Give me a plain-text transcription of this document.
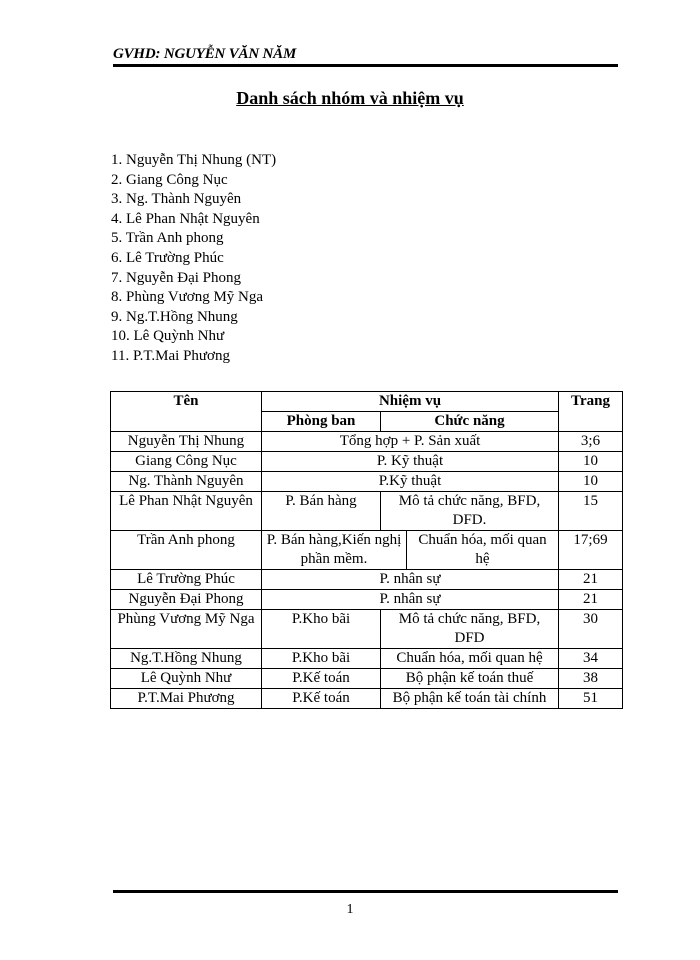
GVHD: NGUYỄN VĂN NĂM
Danh sách nhóm và nhiệm vụ
1. Nguyễn Thị Nhung (NT)
2. Giang Công Nục
3. Ng. Thành Nguyên
4. Lê Phan Nhật Nguyên
5. Trần Anh phong
6. Lê Trường Phúc
7. Nguyễn Đại Phong
8. Phùng Vương Mỹ Nga
9. Ng.T.Hồng Nhung
10. Lê Quỳnh Như
11. P.T.Mai Phương
Tên	Nhiệm vụ			Trang
	Phòng ban	Chức năng		
Nguyễn Thị Nhung	Tổng hợp + P. Sản xuất			3;6
Giang Công Nục	P. Kỹ thuật			10
Ng. Thành Nguyên	P.Kỹ thuật			10
Lê Phan Nhật Nguyên	P. Bán hàng	Mô tả chức năng, BFD, DFD.		15
Trần Anh phong	P. Bán hàng,Kiến nghị phần mềm.		Chuẩn hóa, mối quan hệ	17;69
Lê Trường Phúc	P. nhân sự			21
Nguyễn Đại Phong	P. nhân sự			21
Phùng Vương Mỹ Nga	P.Kho bãi	Mô tả chức năng, BFD, DFD		30
Ng.T.Hồng Nhung	P.Kho bãi	Chuẩn hóa, mối quan hệ		34
Lê Quỳnh Như	P.Kế toán	Bộ phận kế toán thuế		38
P.T.Mai Phương	P.Kế toán	Bộ phận kế toán tài chính		51
1
